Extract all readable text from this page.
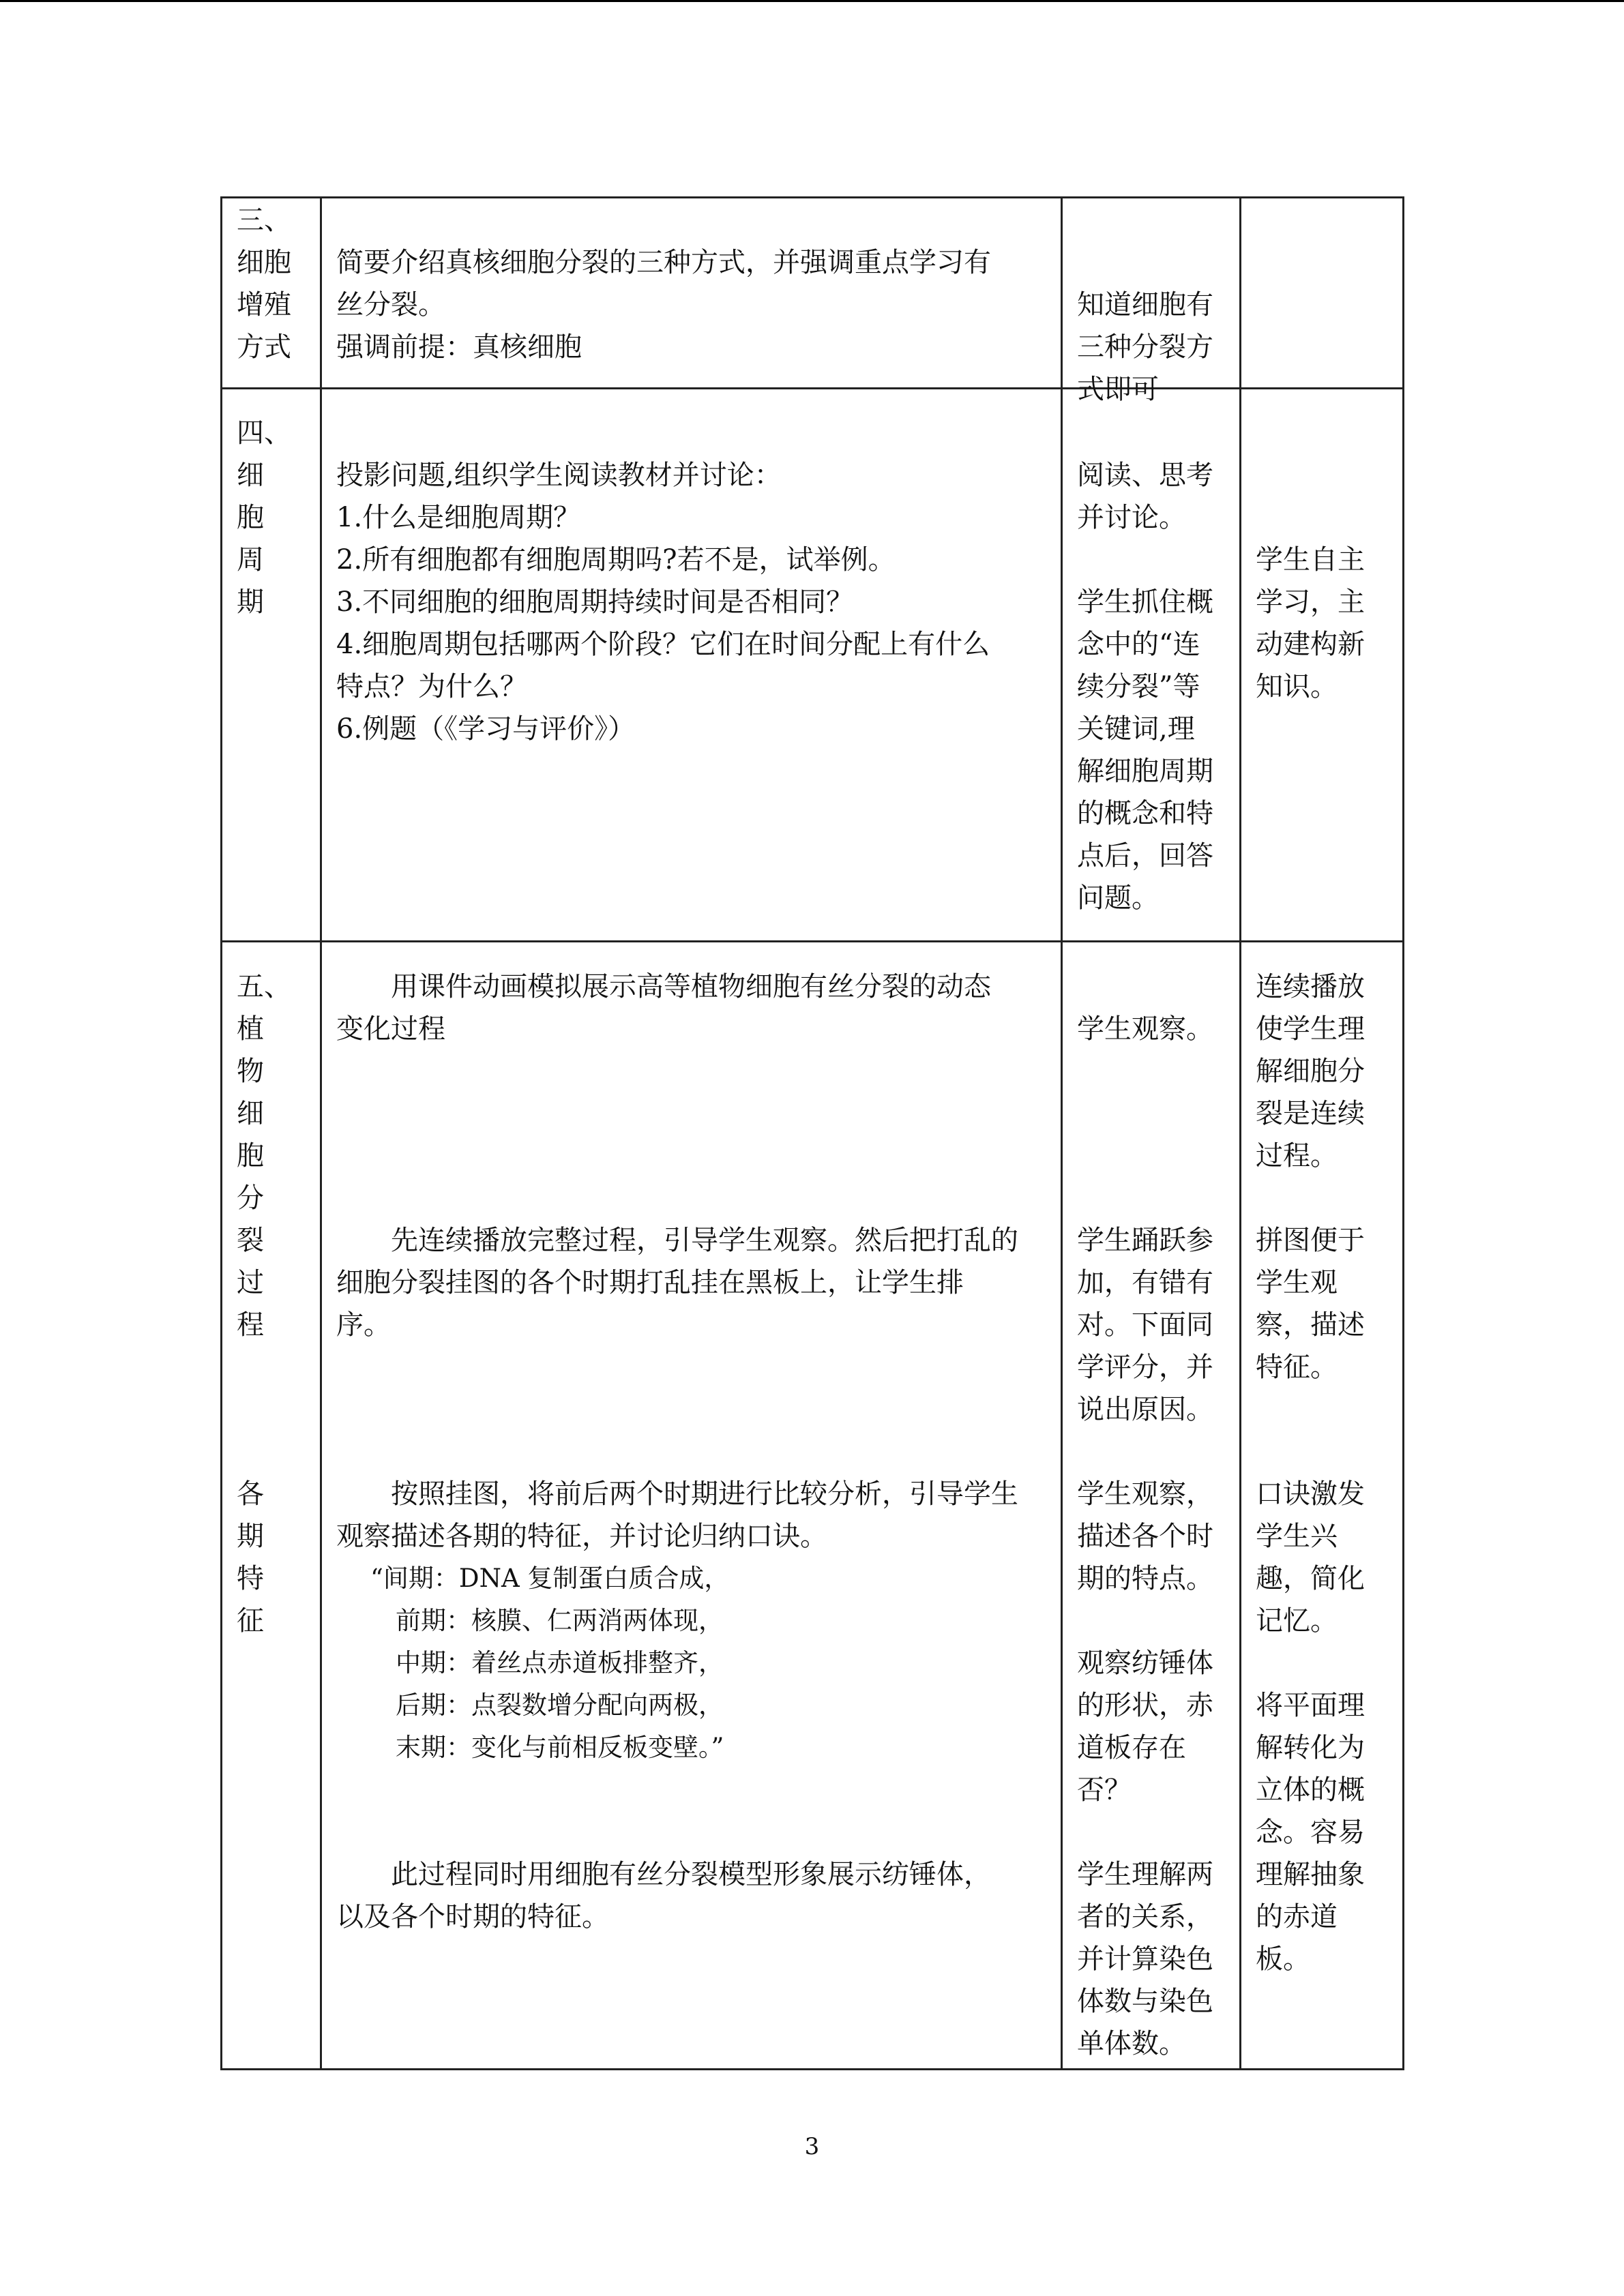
三、
细胞
增殖
方式
简要介绍真核细胞分裂的三种方式，并强调重点学习有
丝分裂。
强调前提：真核细胞
知道细胞有
三种分裂方
式即可
四、
细
胞
周
期
投影问题,组织学生阅读教材并讨论：
1.什么是细胞周期？
2.所有细胞都有细胞周期吗?若不是，试举例。
3.不同细胞的细胞周期持续时间是否相同？
4.细胞周期包括哪两个阶段？它们在时间分配上有什么
特点？为什么？
6.例题（《学习与评价》）
阅读、思考
并讨论。
学生抓住概
念中的“连
续分裂”等
关键词,理
解细胞周期
的概念和特
点后，回答
问题。
学生自主
学习，主
动建构新
知识。
五、
植
物
细
胞
分
裂
过
程
各
期
特
征
　　用课件动画模拟展示高等植物细胞有丝分裂的动态
变化过程
　　先连续播放完整过程，引导学生观察。然后把打乱的
细胞分裂挂图的各个时期打乱挂在黑板上，让学生排
序。
　　按照挂图，将前后两个时期进行比较分析，引导学生
观察描述各期的特征，并讨论归纳口诀。
“间期：DNA 复制蛋白质合成，
　前期：核膜、仁两消两体现，
　中期：着丝点赤道板排整齐，
　后期：点裂数增分配向两极，
　末期：变化与前相反板变壁。”
　　此过程同时用细胞有丝分裂模型形象展示纺锤体，
以及各个时期的特征。
学生观察。
学生踊跃参
加，有错有
对。下面同
学评分，并
说出原因。
学生观察，
描述各个时
期的特点。
观察纺锤体
的形状，赤
道板存在
否？
学生理解两
者的关系，
并计算染色
体数与染色
单体数。
连续播放
使学生理
解细胞分
裂是连续
过程。
拼图便于
学生观
察，描述
特征。
口诀激发
学生兴
趣，简化
记忆。
将平面理
解转化为
立体的概
念。容易
理解抽象
的赤道
板。
3
